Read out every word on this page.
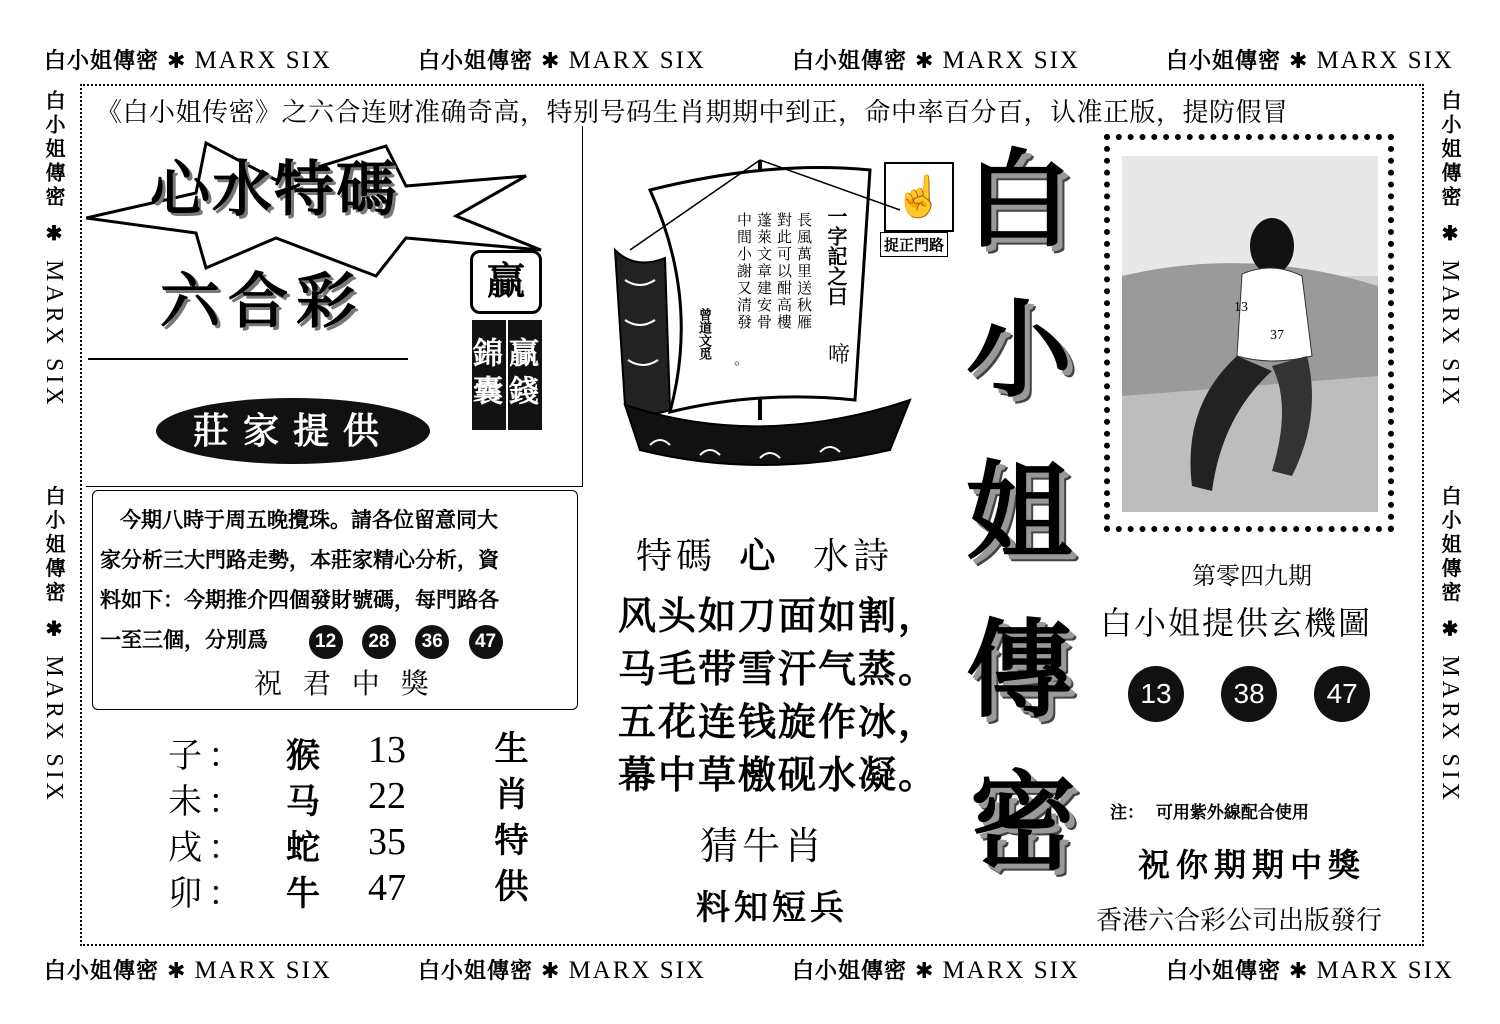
白小姐傳密 ✱ MARX SIX	白小姐傳密 ✱ MARX SIX	白小姐傳密 ✱ MARX SIX	白小姐傳密 ✱ MARX SIX
白小姐傳密 ✱ MARX SIX	白小姐傳密 ✱ MARX SIX	白小姐傳密 ✱ MARX SIX	白小姐傳密 ✱ MARX SIX
白小姐傳密 ✱ MARX SIX       白小姐傳密 ✱ MARX SIX
白小姐傳密 ✱ MARX SIX       白小姐傳密 ✱ MARX SIX
《白小姐传密》之六合连财准确奇高，特别号码生肖期期中到正，命中率百分百，认准正版，提防假冒
心水特碼
六合彩	贏
錦囊 贏錢
莊家提供
今期八時于周五晚攪珠。請各位留意同大
家分析三大門路走勢，本莊家精心分析，資
料如下：今期推介四個發財號碼，每門路各
一至三個，分別爲 12 28 36 47
祝 君 中 獎
子 ： 猴 13
未 ： 马 22
戌 ： 蛇 35
卯 ： 牛 47 生肖特供
長風萬里送秋雁
對此可以酣高樓
蓬萊文章建安骨
中間小謝又清發
。
一字記之曰
啼
曾道文觅
☝
捉正門路
特碼 心 水詩
风头如刀面如割，
马毛带雪汗气蒸。
五花连钱旋作冰，
幕中草檄砚水凝。
猜牛肖
料知短兵
白
小
姐
傳
密
13
37
第零四九期
白小姐提供玄機圖
13 38 47
注：  可用紫外線配合使用
祝你期期中獎
香港六合彩公司出版發行
